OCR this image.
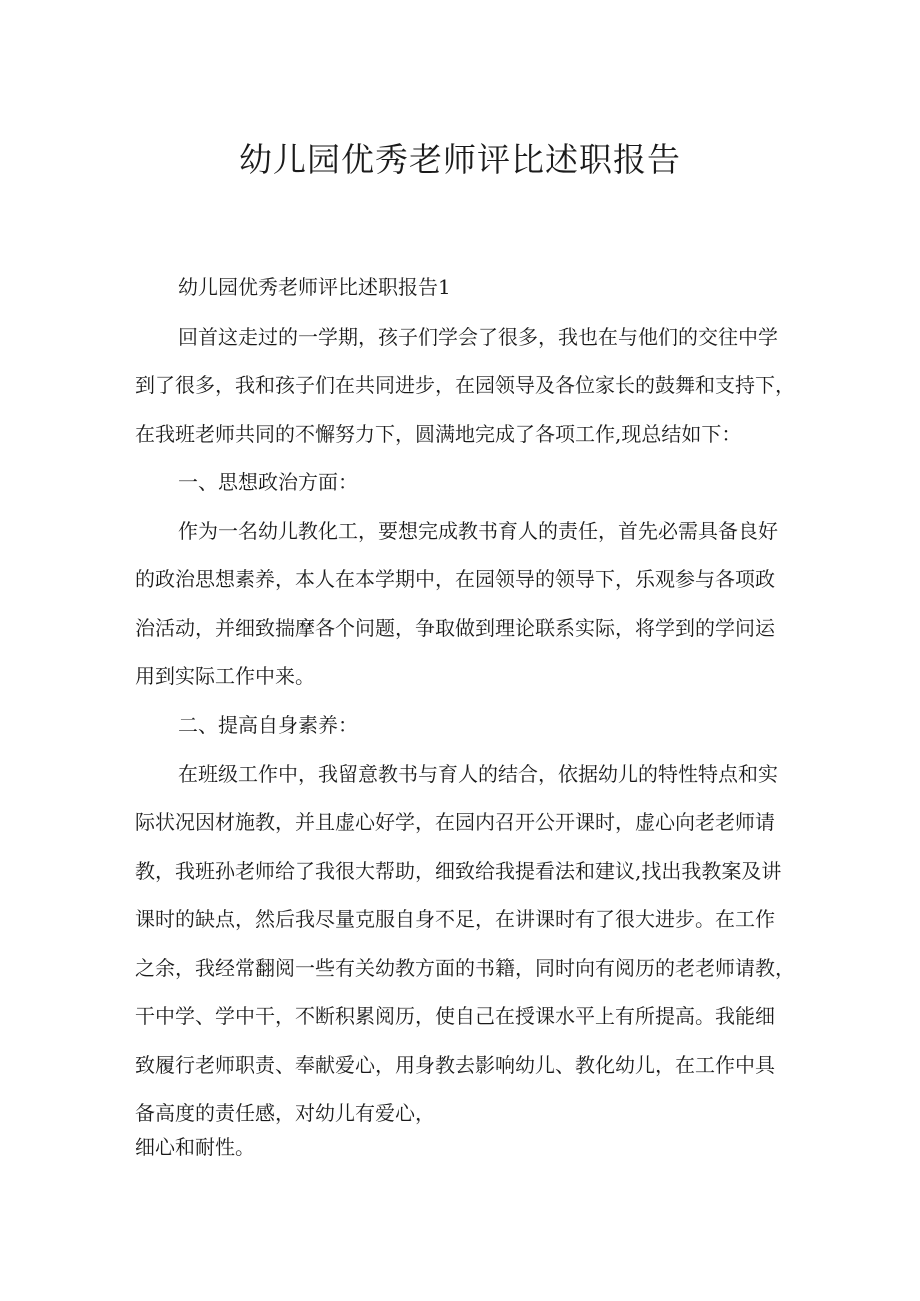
幼儿园优秀老师评比述职报告
幼儿园优秀老师评比述职报告1

回首这走过的一学期，孩子们学会了很多，我也在与他们的交往中学

到了很多，我和孩子们在共同进步，在园领导及各位家长的鼓舞和支持下，

在我班老师共同的不懈努力下，圆满地完成了各项工作,现总结如下：

一、思想政治方面：

作为一名幼儿教化工，要想完成教书育人的责任，首先必需具备良好

的政治思想素养，本人在本学期中，在园领导的领导下，乐观参与各项政

治活动，并细致揣摩各个问题，争取做到理论联系实际，将学到的学问运

用到实际工作中来。

二、提高自身素养：

在班级工作中，我留意教书与育人的结合，依据幼儿的特性特点和实

际状况因材施教，并且虚心好学，在园内召开公开课时，虚心向老老师请

教，我班孙老师给了我很大帮助，细致给我提看法和建议,找出我教案及讲

课时的缺点，然后我尽量克服自身不足，在讲课时有了很大进步。在工作

之余，我经常翻阅一些有关幼教方面的书籍，同时向有阅历的老老师请教，

干中学、学中干，不断积累阅历，使自己在授课水平上有所提高。我能细

致履行老师职责、奉献爱心，用身教去影响幼儿、教化幼儿，在工作中具

备高度的责任感，对幼儿有爱心，

细心和耐性。
